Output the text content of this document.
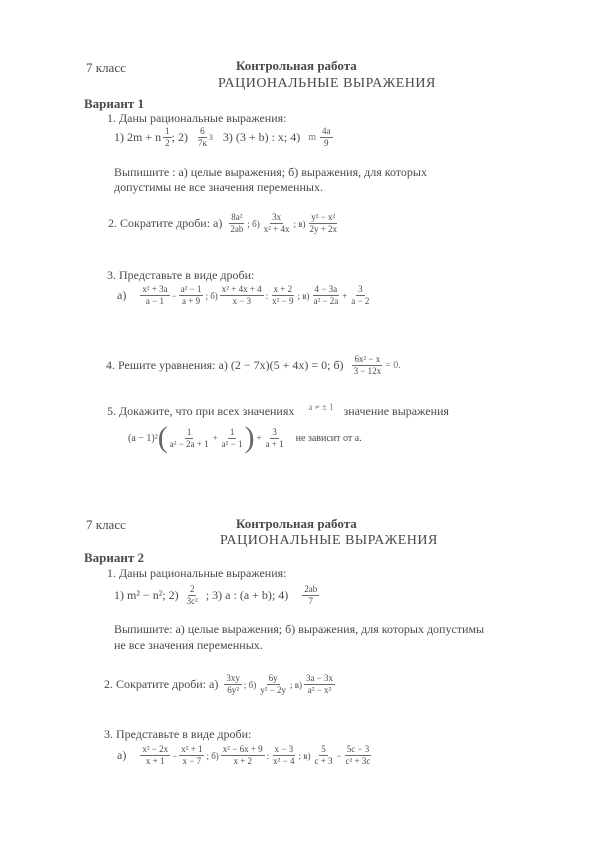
7 класс	Контрольная работа
РАЦИОНАЛЬНЫЕ ВЫРАЖЕНИЯ
Вариант 1
1. Даны рациональные выражения:
1) 2m + n $\frac{1}{2}$ ; $2) \frac{6}{7к} 3$ 3) (3 + b) : х; 4) m $\frac{4a}{9}$
Выпишите : а) целые выражения; б) выражения, для которых
допустимы не все значения переменных.
2. Сократите дроби: $а) \frac{\text{8a²}}{2ab}$ ; $б) \frac{3x}{\text{x² + 4x}}$ ; $в) \frac{\text{y² − x²}}{2y + 2x}$
3. Представьте в виде дроби:
$а) \frac{\text{x² + 3a}}{a - 1} - \frac{\text{a² − 1}}{a + 9}$ ; $б) \frac{\text{x² + 4x + 4}}{x - 3}$ : $\frac{x + 2}{\text{x² − 9}}$ ; $в) \frac{4 - 3a}{\text{a² − 2a}} + \frac{3}{a - 2}$
4. Решите уравнения: а) (2 − 7x)(5 + 4x) = 0; $б) \frac{\text{6x² − x}}{3 - 12x} = 0$.
5. Докажите, что при всех значениях a ≠ ± 1 значение выражения
(a − 1)² ( $\frac{1}{\text{a² − 2a + 1}} + \frac{1}{\text{a² − 1}}$ ) + $\frac{3}{a + 1}$ не зависит от a.
7 класс	Контрольная работа
РАЦИОНАЛЬНЫЕ ВЫРАЖЕНИЯ
Вариант 2
1. Даны рациональные выражения:
1) m² − n²; $2) \frac{2}{\text{3c²}}$ ; 3) a : (a + b); $4) \frac{2ab}{7}$
Выпишите: а) целые выражения; б) выражения, для которых допустимы
не все значения переменных.
2. Сократите дроби: $а) \frac{3xy}{\text{6y²}}$ ; $б) \frac{6y}{\text{y² − 2y}}$ ; $в) \frac{3a - 3x}{\text{a² − x²}}$
3. Представьте в виде дроби:
$а) \frac{\text{x² − 2x}}{x + 1} - \frac{\text{x² + 1}}{x - 7}$ ; $б) \frac{\text{x² − 6x + 9}}{x + 2}$ : $\frac{x - 3}{\text{x² − 4}}$ ; $в) \frac{5}{c + 3} - \frac{5c - 3}{\text{c² + 3c}}$
